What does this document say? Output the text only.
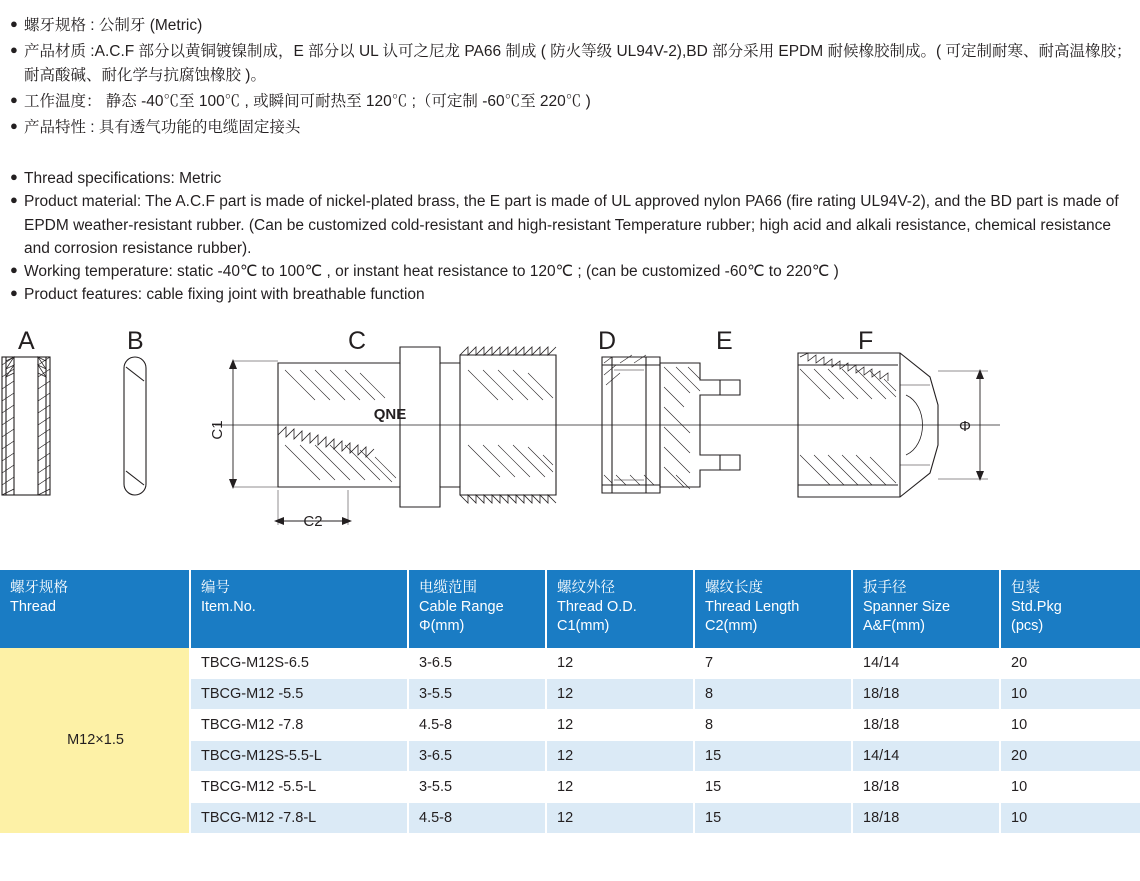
● 螺牙规格 : 公制牙 (Metric)
● 产品材质 :A.C.F 部分以黄铜镀镍制成，E 部分以 UL 认可之尼龙 PA66 制成 ( 防火等级 UL94V-2),BD 部分采用 EPDM 耐候橡胶制成。( 可定制耐寒、耐高温橡胶；耐高酸碱、耐化学与抗腐蚀橡胶 )。
● 工作温度： 静态 -40℃至 100℃ , 或瞬间可耐热至 120℃ ;（可定制 -60℃至 220℃ )
● 产品特性 : 具有透气功能的电缆固定接头
● Thread specifications: Metric
● Product material: The A.C.F part is made of nickel-plated brass, the E part is made of UL approved nylon PA66 (fire rating UL94V-2), and the BD part is made of EPDM weather-resistant rubber. (Can be customized cold-resistant and high-resistant Temperature rubber; high acid and alkali resistance, chemical resistance and corrosion resistance rubber).
● Working temperature: static -40℃ to 100℃ , or instant heat resistance to 120℃ ; (can be customized -60℃ to 220℃ )
● Product features: cable fixing joint with breathable function
A	B	C	D	E	F
C1
C2
Φ
QNE
螺牙规格
Thread

编号
Item.No.

电缆范围
Cable Range
Φ(mm)

螺纹外径
Thread O.D.
C1(mm)

螺纹长度
Thread Length
C2(mm)

扳手径
Spanner Size
A&F(mm)

包装
Std.Pkg
(pcs)

M12×1.5	TBCG-M12S-6.5	3-6.5	12	7	14/14	20
	TBCG-M12 -5.5	3-5.5	12	8	18/18	10
	TBCG-M12 -7.8	4.5-8	12	8	18/18	10
	TBCG-M12S-5.5-L	3-6.5	12	15	14/14	20
	TBCG-M12 -5.5-L	3-5.5	12	15	18/18	10
	TBCG-M12 -7.8-L	4.5-8	12	15	18/18	10
